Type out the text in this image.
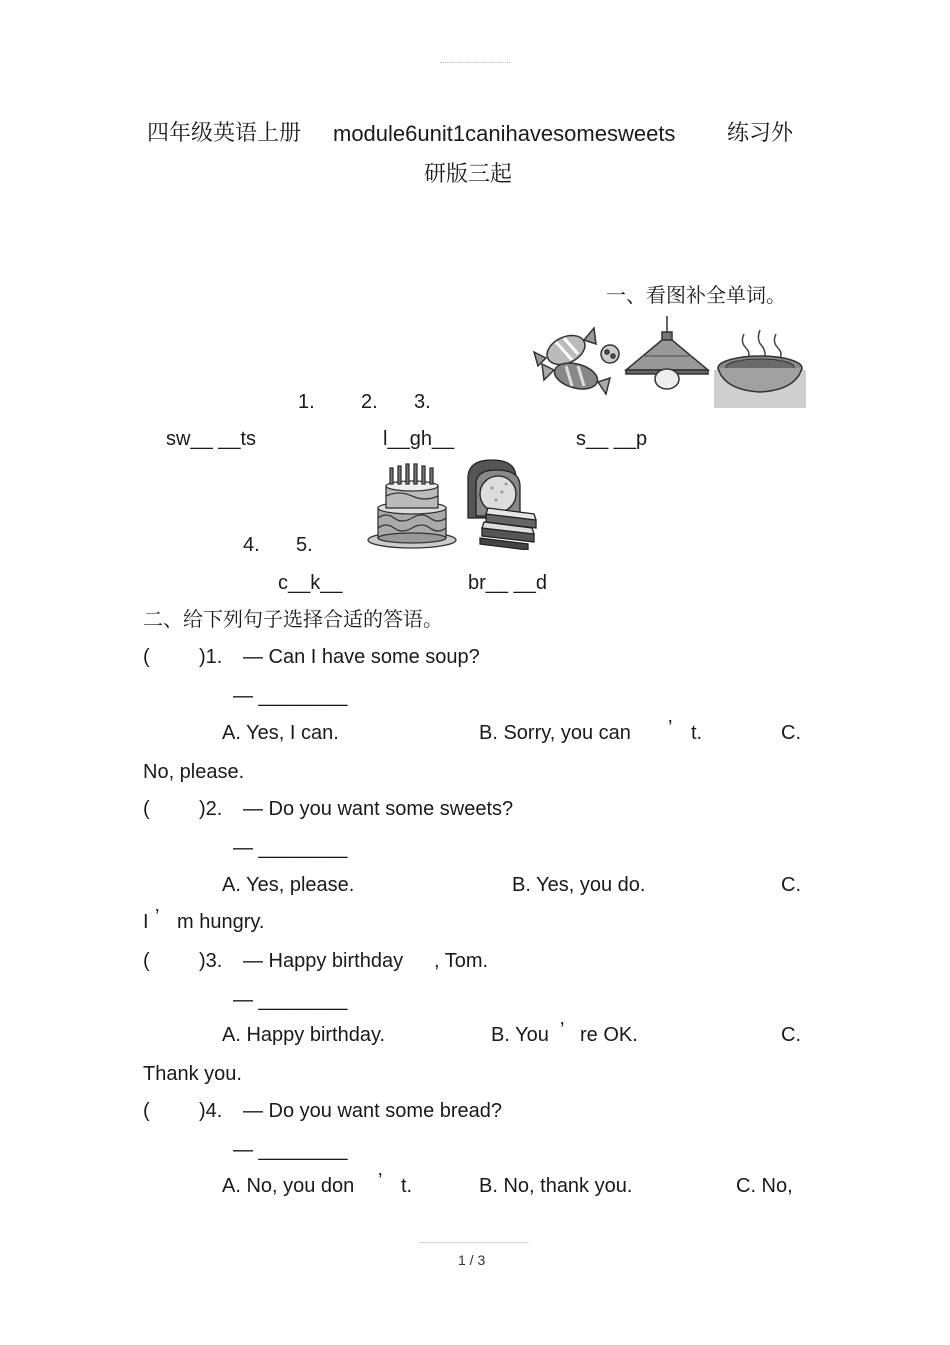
四年级英语上册 module6unit1canihavesomesweets 练习外
研版三起
一、看图补全单词。
1. 2. 3.
sw__ __ts	l__gh__	s__ __p
4. 5.
c__k__	br__ __d
二、给下列句子选择合适的答语。
( )1. — Can I have some soup?
— ________
A. Yes, I can.	B. Sorry, you can ’ t.	C.
No, please.
( )2. — Do you want some sweets?
— ________
A. Yes, please.	B. Yes, you do.	C.
I ’ m hungry.
( )3. — Happy birthday , Tom.
— ________
A. Happy birthday.	B. You ’ re OK.	C.
Thank you.
( )4. — Do you want some bread?
— ________
A. No, you don ’ t.	B. No, thank you.	C. No,
1 / 3
